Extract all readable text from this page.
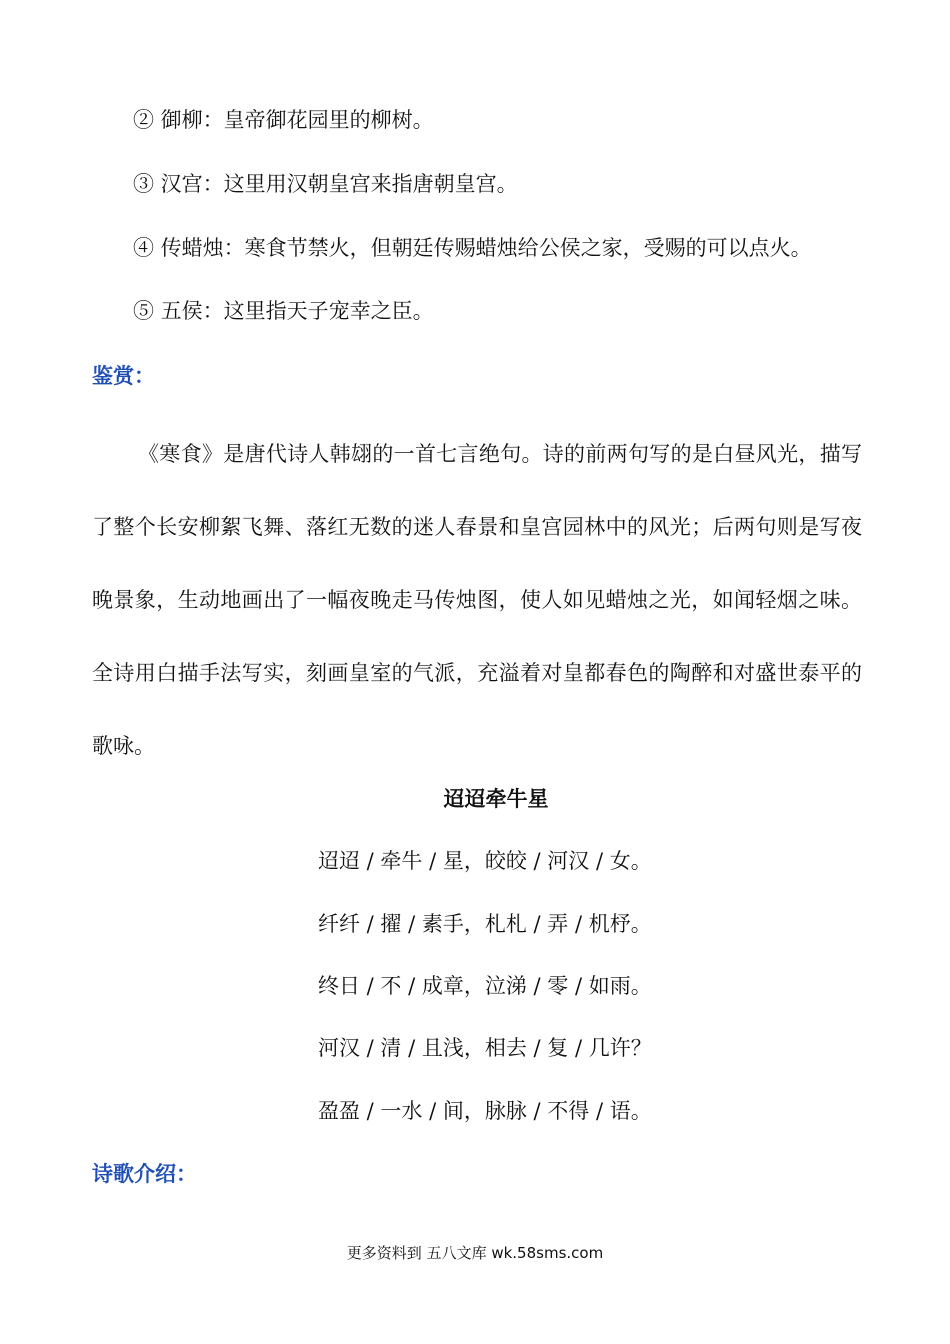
② 御柳：皇帝御花园里的柳树。
③ 汉宫：这里用汉朝皇宫来指唐朝皇宫。
④ 传蜡烛：寒食节禁火，但朝廷传赐蜡烛给公侯之家，受赐的可以点火。
⑤ 五侯：这里指天子宠幸之臣。
鉴赏：
《寒食》是唐代诗人韩翃的一首七言绝句。诗的前两句写的是白昼风光，描写了整个长安柳絮飞舞、落红无数的迷人春景和皇宫园林中的风光；后两句则是写夜晚景象，生动地画出了一幅夜晚走马传烛图，使人如见蜡烛之光，如闻轻烟之味。全诗用白描手法写实，刻画皇室的气派，充溢着对皇都春色的陶醉和对盛世泰平的歌咏。
迢迢牵牛星
迢迢 / 牵牛 / 星，皎皎 / 河汉 / 女。
纤纤 / 擢 / 素手，札札 / 弄 / 机杼。
终日 / 不 / 成章，泣涕 / 零 / 如雨。
河汉 / 清 / 且浅，相去 / 复 / 几许？
盈盈 / 一水 / 间，脉脉 / 不得 / 语。
诗歌介绍：
更多资料到 五八文库 wk.58sms.com
